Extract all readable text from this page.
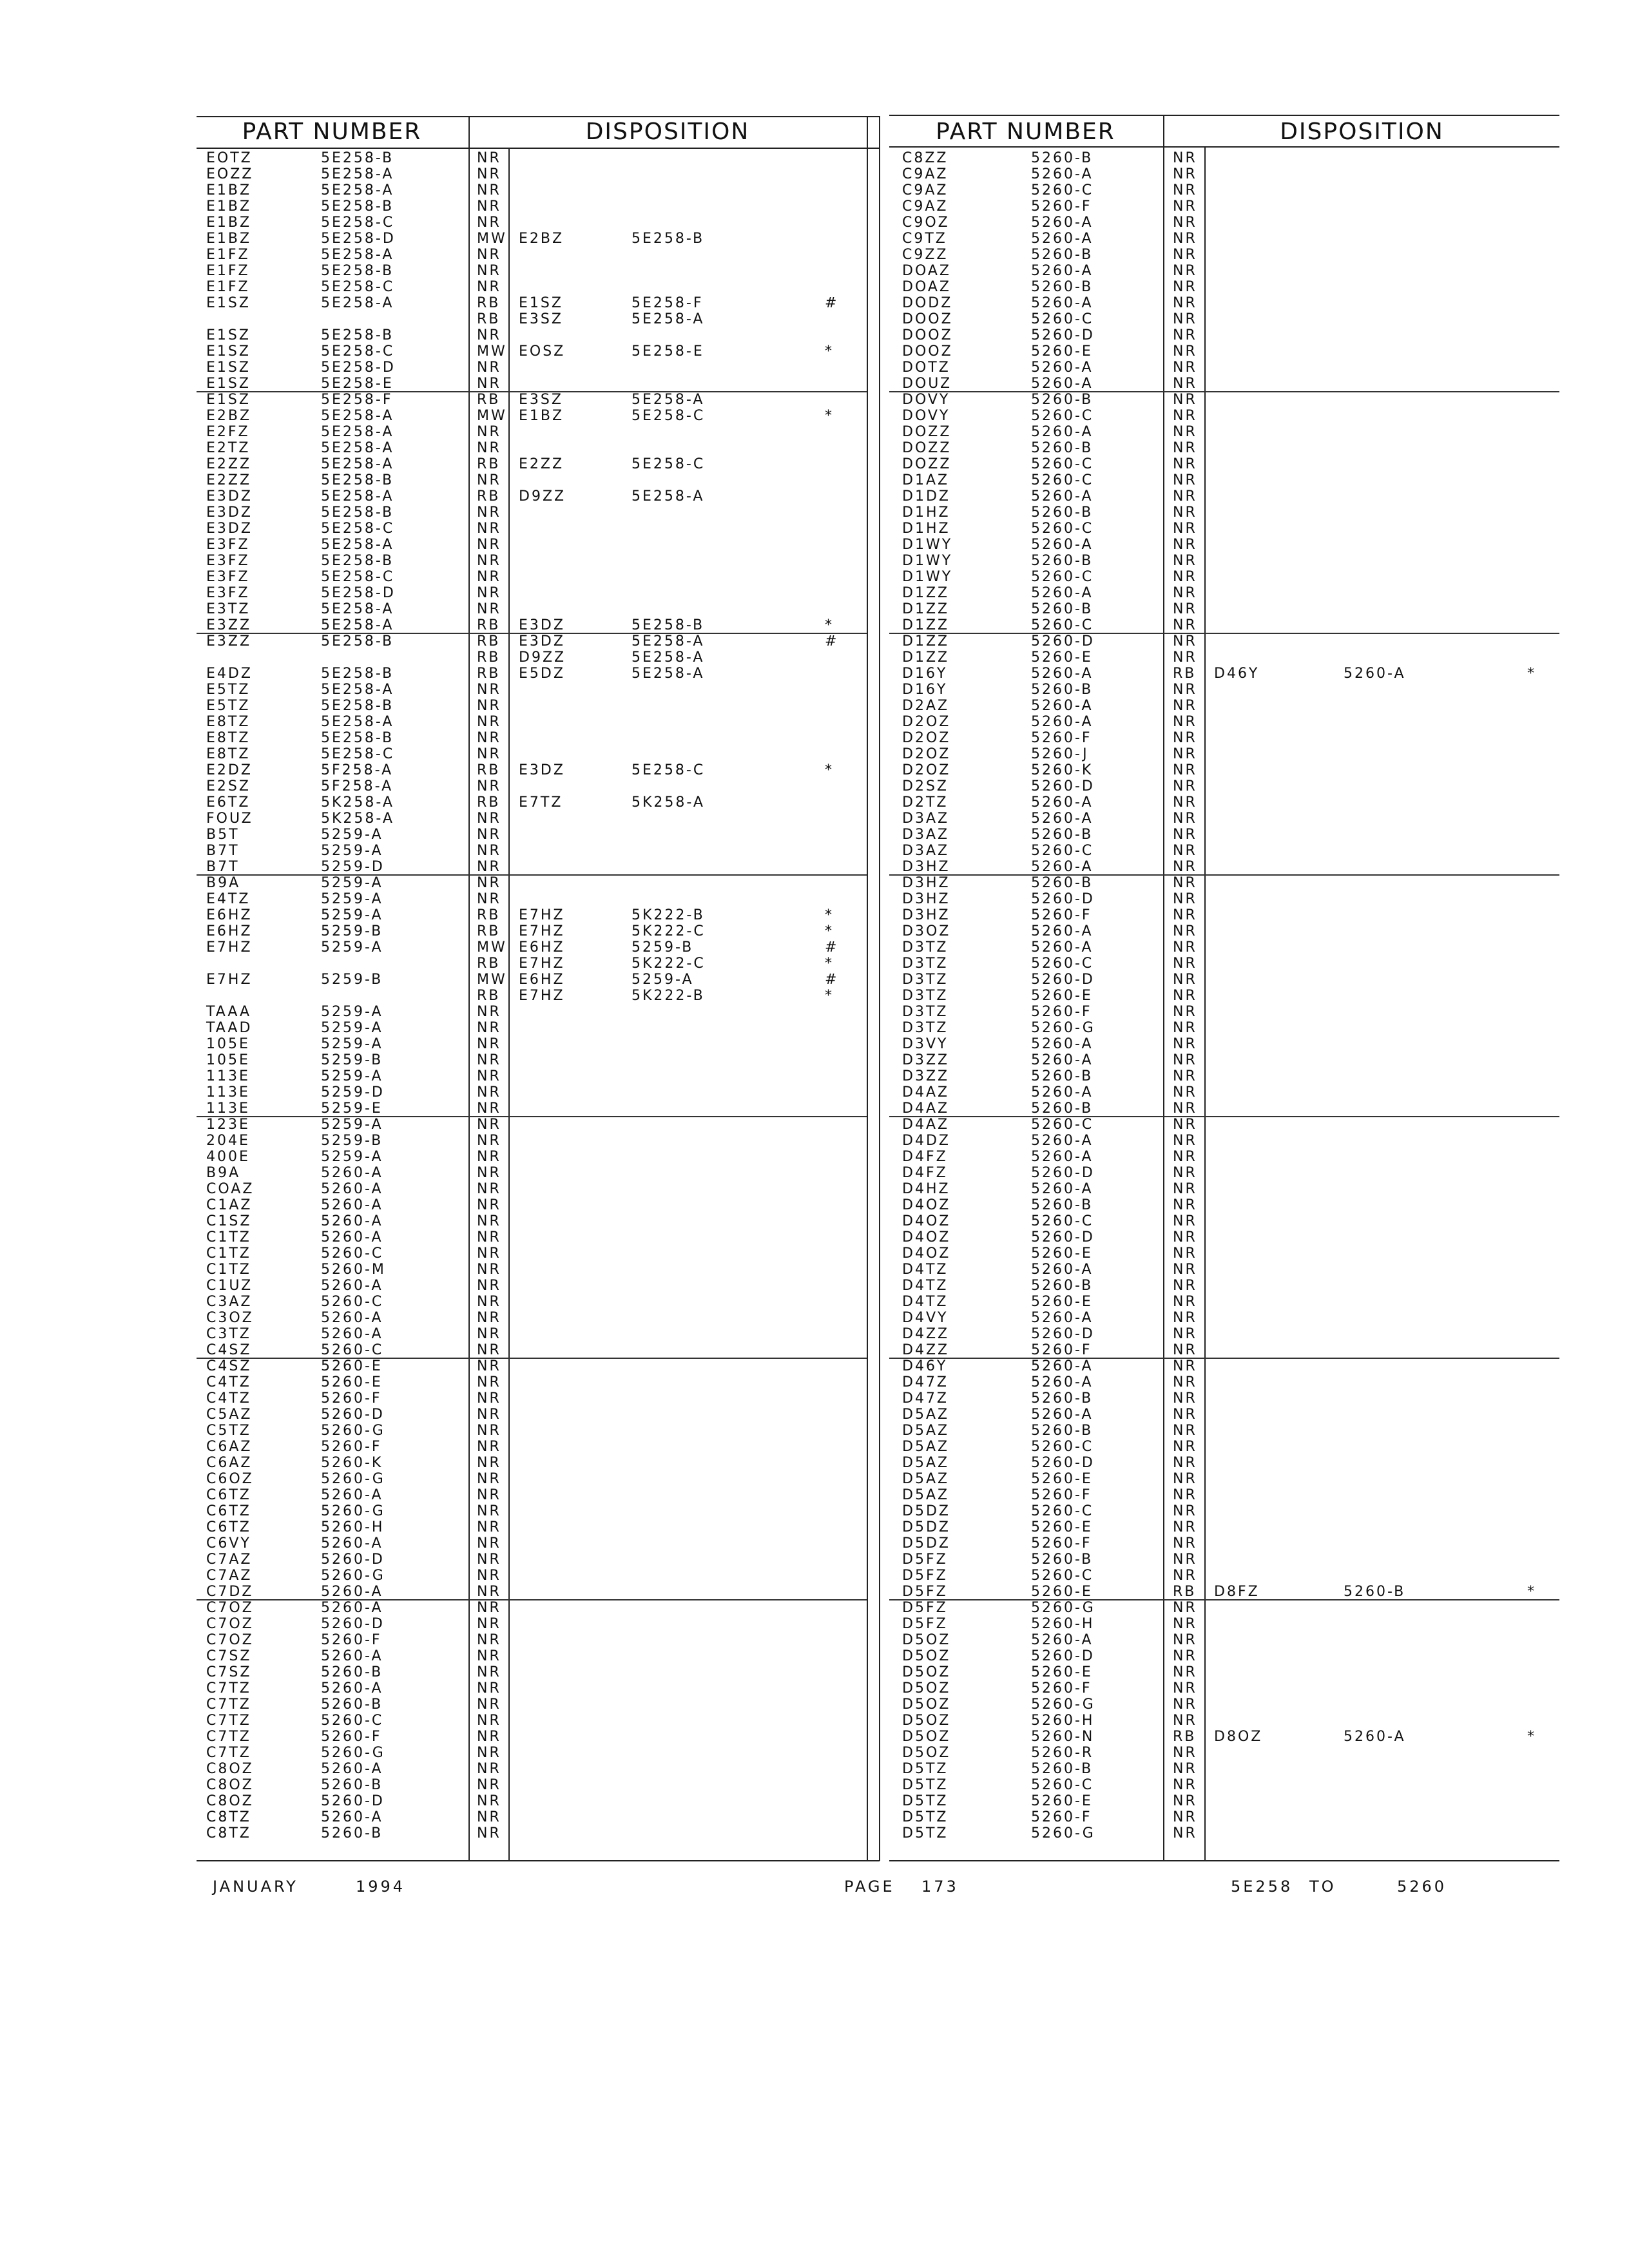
PART NUMBER	DISPOSITION	PART NUMBER	DISPOSITION
EOTZ	5E258-B	NR
EOZZ	5E258-A	NR
E1BZ	5E258-A	NR
E1BZ	5E258-B	NR
E1BZ	5E258-C	NR
E1BZ	5E258-D	MW E2BZ	5E258-B
E1FZ	5E258-A	NR
E1FZ	5E258-B	NR
E1FZ	5E258-C	NR
E1SZ	5E258-A	RB E1SZ	5E258-F	#
RB E3SZ	5E258-A
E1SZ	5E258-B	NR
E1SZ	5E258-C	MW EOSZ	5E258-E	*
E1SZ	5E258-D	NR
E1SZ	5E258-E	NR
E1SZ	5E258-F	RB E3SZ	5E258-A
E2BZ	5E258-A	MW E1BZ	5E258-C	*
E2FZ	5E258-A	NR
E2TZ	5E258-A	NR
E2ZZ	5E258-A	RB E2ZZ	5E258-C
E2ZZ	5E258-B	NR
E3DZ	5E258-A	RB D9ZZ	5E258-A
E3DZ	5E258-B	NR
E3DZ	5E258-C	NR
E3FZ	5E258-A	NR
E3FZ	5E258-B	NR
E3FZ	5E258-C	NR
E3FZ	5E258-D	NR
E3TZ	5E258-A	NR
E3ZZ	5E258-A	RB E3DZ	5E258-B	*
E3ZZ	5E258-B	RB E3DZ	5E258-A	#
RB D9ZZ	5E258-A
E4DZ	5E258-B	RB E5DZ	5E258-A
E5TZ	5E258-A	NR
E5TZ	5E258-B	NR
E8TZ	5E258-A	NR
E8TZ	5E258-B	NR
E8TZ	5E258-C	NR
E2DZ	5F258-A	RB E3DZ	5E258-C	*
E2SZ	5F258-A	NR
E6TZ	5K258-A	RB E7TZ	5K258-A
FOUZ	5K258-A	NR
B5T	5259-A	NR
B7T	5259-A	NR
B7T	5259-D	NR
B9A	5259-A	NR
E4TZ	5259-A	NR
E6HZ	5259-A	RB E7HZ	5K222-B	*
E6HZ	5259-B	RB E7HZ	5K222-C	*
E7HZ	5259-A	MW E6HZ	5259-B	#
RB E7HZ	5K222-C	*
E7HZ	5259-B	MW E6HZ	5259-A	#
RB E7HZ	5K222-B	*
TAAA	5259-A	NR
TAAD	5259-A	NR
105E	5259-A	NR
105E	5259-B	NR
113E	5259-A	NR
113E	5259-D	NR
113E	5259-E	NR
123E	5259-A	NR
204E	5259-B	NR
400E	5259-A	NR
B9A	5260-A	NR
COAZ	5260-A	NR
C1AZ	5260-A	NR
C1SZ	5260-A	NR
C1TZ	5260-A	NR
C1TZ	5260-C	NR
C1TZ	5260-M	NR
C1UZ	5260-A	NR
C3AZ	5260-C	NR
C3OZ	5260-A	NR
C3TZ	5260-A	NR
C4SZ	5260-C	NR
C4SZ	5260-E	NR
C4TZ	5260-E	NR
C4TZ	5260-F	NR
C5AZ	5260-D	NR
C5TZ	5260-G	NR
C6AZ	5260-F	NR
C6AZ	5260-K	NR
C6OZ	5260-G	NR
C6TZ	5260-A	NR
C6TZ	5260-G	NR
C6TZ	5260-H	NR
C6VY	5260-A	NR
C7AZ	5260-D	NR
C7AZ	5260-G	NR
C7DZ	5260-A	NR
C7OZ	5260-A	NR
C7OZ	5260-D	NR
C7OZ	5260-F	NR
C7SZ	5260-A	NR
C7SZ	5260-B	NR
C7TZ	5260-A	NR
C7TZ	5260-B	NR
C7TZ	5260-C	NR
C7TZ	5260-F	NR
C7TZ	5260-G	NR
C8OZ	5260-A	NR
C8OZ	5260-B	NR
C8OZ	5260-D	NR
C8TZ	5260-A	NR
C8TZ	5260-B	NR
C8ZZ	5260-B	NR
C9AZ	5260-A	NR
C9AZ	5260-C	NR
C9AZ	5260-F	NR
C9OZ	5260-A	NR
C9TZ	5260-A	NR
C9ZZ	5260-B	NR
DOAZ	5260-A	NR
DOAZ	5260-B	NR
DODZ	5260-A	NR
DOOZ	5260-C	NR
DOOZ	5260-D	NR
DOOZ	5260-E	NR
DOTZ	5260-A	NR
DOUZ	5260-A	NR
DOVY	5260-B	NR
DOVY	5260-C	NR
DOZZ	5260-A	NR
DOZZ	5260-B	NR
DOZZ	5260-C	NR
D1AZ	5260-C	NR
D1DZ	5260-A	NR
D1HZ	5260-B	NR
D1HZ	5260-C	NR
D1WY	5260-A	NR
D1WY	5260-B	NR
D1WY	5260-C	NR
D1ZZ	5260-A	NR
D1ZZ	5260-B	NR
D1ZZ	5260-C	NR
D1ZZ	5260-D	NR
D1ZZ	5260-E	NR
D16Y	5260-A	RB D46Y	5260-A	*
D16Y	5260-B	NR
D2AZ	5260-A	NR
D2OZ	5260-A	NR
D2OZ	5260-F	NR
D2OZ	5260-J	NR
D2OZ	5260-K	NR
D2SZ	5260-D	NR
D2TZ	5260-A	NR
D3AZ	5260-A	NR
D3AZ	5260-B	NR
D3AZ	5260-C	NR
D3HZ	5260-A	NR
D3HZ	5260-B	NR
D3HZ	5260-D	NR
D3HZ	5260-F	NR
D3OZ	5260-A	NR
D3TZ	5260-A	NR
D3TZ	5260-C	NR
D3TZ	5260-D	NR
D3TZ	5260-E	NR
D3TZ	5260-F	NR
D3TZ	5260-G	NR
D3VY	5260-A	NR
D3ZZ	5260-A	NR
D3ZZ	5260-B	NR
D4AZ	5260-A	NR
D4AZ	5260-B	NR
D4AZ	5260-C	NR
D4DZ	5260-A	NR
D4FZ	5260-A	NR
D4FZ	5260-D	NR
D4HZ	5260-A	NR
D4OZ	5260-B	NR
D4OZ	5260-C	NR
D4OZ	5260-D	NR
D4OZ	5260-E	NR
D4TZ	5260-A	NR
D4TZ	5260-B	NR
D4TZ	5260-E	NR
D4VY	5260-A	NR
D4ZZ	5260-D	NR
D4ZZ	5260-F	NR
D46Y	5260-A	NR
D47Z	5260-A	NR
D47Z	5260-B	NR
D5AZ	5260-A	NR
D5AZ	5260-B	NR
D5AZ	5260-C	NR
D5AZ	5260-D	NR
D5AZ	5260-E	NR
D5AZ	5260-F	NR
D5DZ	5260-C	NR
D5DZ	5260-E	NR
D5DZ	5260-F	NR
D5FZ	5260-B	NR
D5FZ	5260-C	NR
D5FZ	5260-E	RB D8FZ	5260-B	*
D5FZ	5260-G	NR
D5FZ	5260-H	NR
D5OZ	5260-A	NR
D5OZ	5260-D	NR
D5OZ	5260-E	NR
D5OZ	5260-F	NR
D5OZ	5260-G	NR
D5OZ	5260-H	NR
D5OZ	5260-N	RB D8OZ	5260-A	*
D5OZ	5260-R	NR
D5TZ	5260-B	NR
D5TZ	5260-C	NR
D5TZ	5260-E	NR
D5TZ	5260-F	NR
D5TZ	5260-G	NR
JANUARY	1994	PAGE 173	5E258 TO	5260
